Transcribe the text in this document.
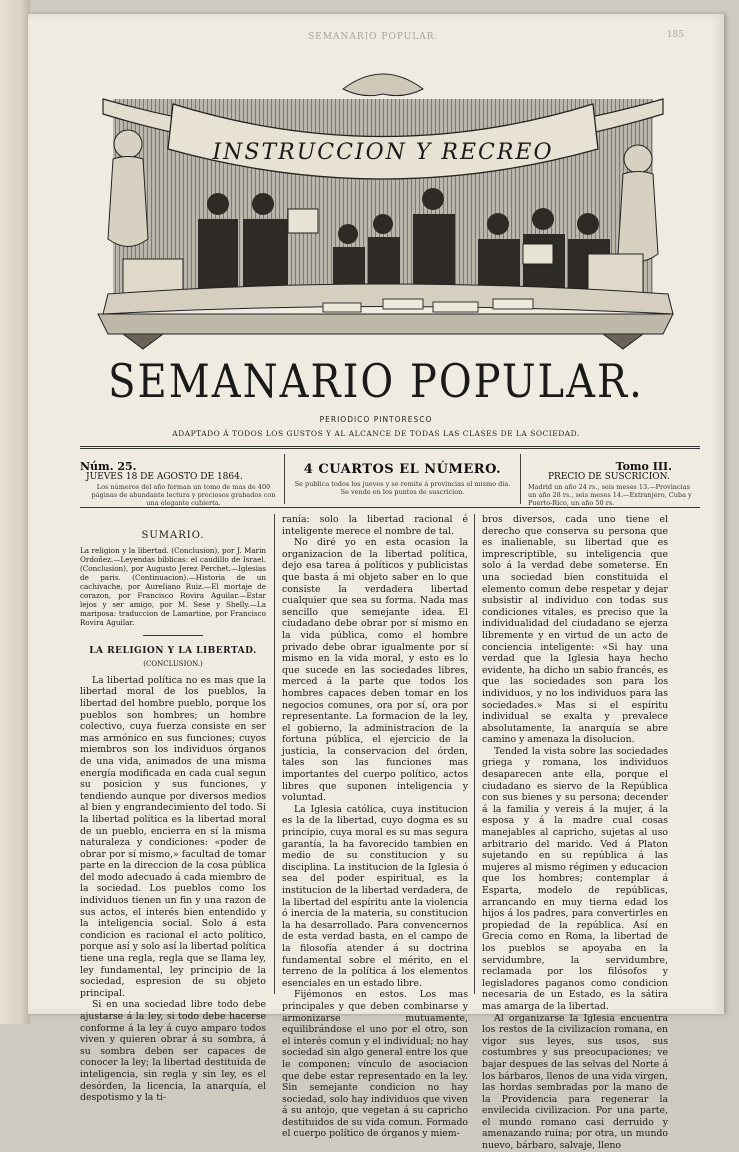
SEMANARIO POPULAR.	185
INSTRUCCION Y RECREO
SEMANARIO POPULAR.
PERIODICO PINTORESCO
ADAPTADO Á TODOS LOS GUSTOS Y AL ALCANCE DE TODAS LAS CLASES DE LA SOCIEDAD.
Núm. 25.
JUEVES 18 DE AGOSTO DE 1864.
Los números del año forman un tomo de mas de 400 páginas de abundante lectura y preciosos grabados con una elegante cubierta.
4 CUARTOS EL NÚMERO.
Se publica todos los jueves y se remite á provincias el mismo dia. Se vende en los puntos de suscricion.
Tomo III.
PRECIO DE SUSCRICION.
Madrid un año 24 rs., seis meses 13.—Provincias un año 28 rs., seis meses 14.—Extranjero, Cuba y Puerto-Rico, un año 50 rs.
SUMARIO.

La religion y la libertad. (Conclusion), por J. Marin Ordoñez.—Leyendas bíblicas: el caudillo de Israel. (Conclusion), por Augusto Jerez Perchet.—Iglesias de paris. (Continuacion).—Historia de un cachivache, por Aureliano Ruiz.—El mortaje de corazon, por Francisco Rovira Aguilar.—Estar lejos y ser amigo, por M. Sese y Shelly.—La mariposa: traduccion de Lamartine, por Francisco Rovira Aguilar.

LA RELIGION Y LA LIBERTAD.
(CONCLUSION.)

La libertad política no es mas que la libertad moral de los pueblos, la libertad del hombre pueblo, porque los pueblos son hombres; un hombre colectivo, cuya fuerza consiste en ser mas armónico en sus funciones; cuyos miembros son los individuos órganos de una vida, animados de una misma energía modificada en cada cual segun su posicion y sus funciones, y tendiendo aunque por diversos medios al bien y engrandecimiento del todo. Si la libertad política es la libertad moral de un pueblo, encierra en sí la misma naturaleza y condiciones: «poder de obrar por sí mismo,» facultad de tomar parte en la direccion de la cosa pública del modo adecuado á cada miembro de la sociedad. Los pueblos como los individuos tienen un fin y una razon de sus actos, el interés bien entendido y la inteligencia social. Solo á esta condicion es racional el acto político, porque así y solo así la libertad política tiene una regla, regla que se llama ley, ley fundamental, ley principio de la sociedad, espresion de su objeto principal.

Si en una sociedad libre todo debe ajustarse á la ley, si todo debe hacerse conforme á la ley á cuyo amparo todos viven y quieren obrar á su sombra, á su sombra deben ser capaces de conocer la ley; la libertad destituida de inteligencia, sin regla y sin ley, es el desórden, la licencia, la anarquía, el despotismo y la ti-

ranía: solo la libertad racional é inteligente merece el nombre de tal.

No diré yo en esta ocasion la organizacion de la libertad política, dejo esa tarea á políticos y publicistas que basta á mi objeto saber en lo que consiste la verdadera libertad cualquier que sea su forma. Nada mas sencillo que semejante idea. El ciudadano debe obrar por sí mismo en la vida pública, como el hombre privado debe obrar igualmente por sí mismo en la vida moral, y esto es lo que sucede en las sociedades libres, merced á la parte que todos los hombres capaces deben tomar en los negocios comunes, ora por sí, ora por representante. La formacion de la ley, el gobierno, la administracion de la fortuna pública, el ejercicio de la justicia, la conservacion del órden, tales son las funciones mas importantes del cuerpo político, actos libres que suponen inteligencia y voluntad.

La Iglesia católica, cuya institucion es la de la libertad, cuyo dogma es su principio, cuya moral es su mas segura garantía, la ha favorecido tambien en medio de su constitucion y su disciplina. La institucion de la Iglesia ó sea del poder espiritual, es la institucion de la libertad verdadera, de la libertad del espíritu ante la violencia ó inercia de la materia, su constitucion la ha desarrollado. Para convencernos de esta verdad basta, en el campo de la filosofía atender á su doctrina fundamental sobre el mérito, en el terreno de la política á los elementos esenciales en un estado libre.

Fijémonos en estos. Los mas principales y que deben combinarse y armonizarse mutuamente, equilibrándose el uno por el otro, son el interés comun y el individual; no hay sociedad sin algo general entre los que le componen; vínculo de asociacion que debe estar representado en la ley. Sin semejante condicion no hay sociedad, solo hay individuos que viven á su antojo, que vegetan á su capricho destituidos de su vida comun. Formado el cuerpo político de órganos y miem-

bros diversos, cada uno tiene el derecho que conserva su persona que es inalienable, su libertad que es imprescriptible, su inteligencia que solo á la verdad debe someterse. En una sociedad bien constituida el elemento comun debe respetar y dejar subsistir al individuo con todas sus condiciones vitales, es preciso que la individualidad del ciudadano se ejerza libremente y en virtud de un acto de conciencia inteligente: «Si hay una verdad que la Iglesia haya hecho evidente, ha dicho un sabio francés, es que las sociedades son para los individuos, y no los individuos para las sociedades.» Mas si el espíritu individual se exalta y prevalece absolutamente, la anarquía se abre camino y amenaza la disolucion.

Tended la vista sobre las sociedades griega y romana, los individuos desaparecen ante ella, porque el ciudadano es siervo de la República con sus bienes y su persona; decender á la familia y vereis á la mujer, á la esposa y á la madre cual cosas manejables al capricho, sujetas al uso arbitrario del marido. Ved á Platon sujetando en su república á las mujeres al mismo régimen y educacion que los hombres; contemplar á Esparta, modelo de repúblicas, arrancando en muy tierna edad los hijos á los padres, para convertirles en propiedad de la república. Así en Grecia como en Roma, la libertad de los pueblos se apoyaba en la servidumbre, la servidumbre, reclamada por los filósofos y legisladores paganos como condicion necesaria de un Estado, es la sátira mas amarga de la libertad.

Al organizarse la Iglesia encuentra los restos de la civilizacion romana, en vigor sus leyes, sus usos, sus costumbres y sus preocupaciones; ve bajar despues de las selvas del Norte á los bárbaros, llenos de una vida virgen, las hordas sembradas por la mano de la Providencia para regenerar la envilecida civilizacion. Por una parte, el mundo romano casi derruido y amenazando ruina; por otra, un mundo nuevo, bárbaro, salvaje, lleno
